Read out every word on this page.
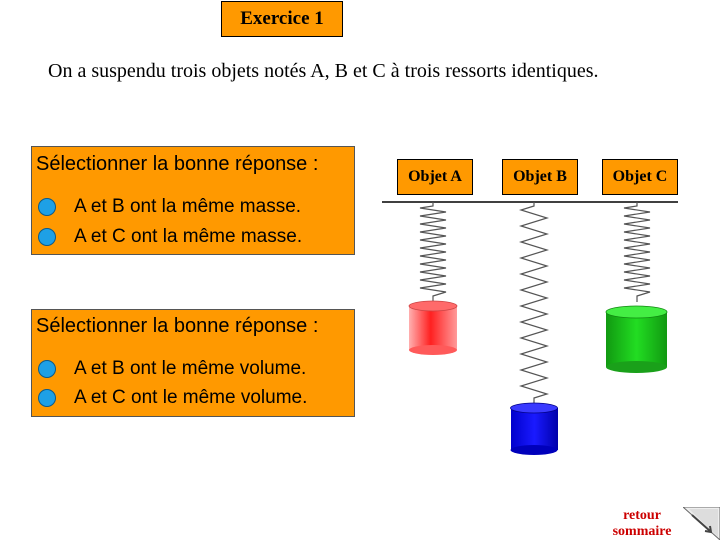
Exercice 1
On a suspendu trois objets notés A, B et C à trois ressorts identiques.
Sélectionner la bonne réponse :
A et B ont la même masse.
A et C ont la même masse.
Sélectionner la bonne réponse :
A et B ont le même volume.
A et C ont le même volume.
Objet A	Objet B	Objet C
retour
sommaire
